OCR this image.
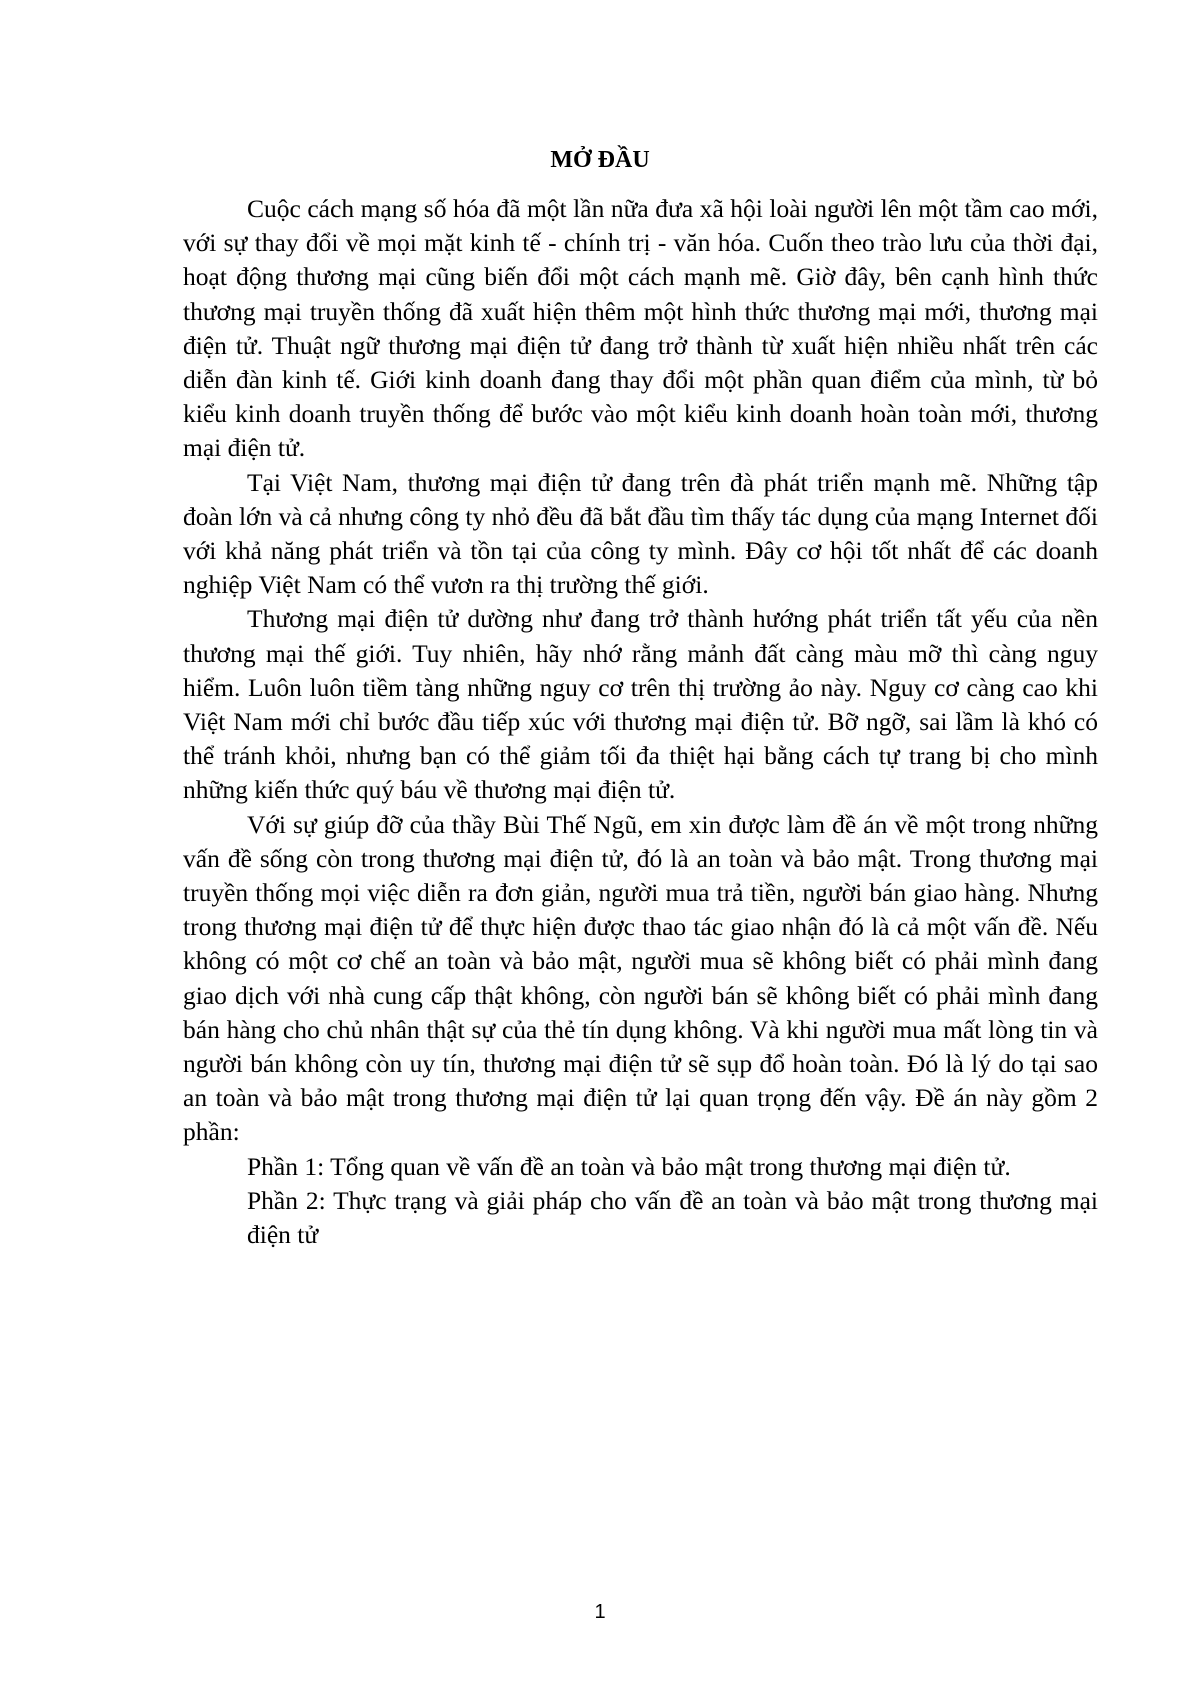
MỞ ĐẦU

Cuộc cách mạng số hóa đã một lần nữa đưa xã hội loài người lên một tầm cao mới, với sự thay đổi về mọi mặt kinh tế - chính trị - văn hóa. Cuốn theo trào lưu của thời đại, hoạt động thương mại cũng biến đổi một cách mạnh mẽ. Giờ đây, bên cạnh hình thức thương mại truyền thống đã xuất hiện thêm một hình thức thương mại mới, thương mại điện tử. Thuật ngữ thương mại điện tử đang trở thành từ xuất hiện nhiều nhất trên các diễn đàn kinh tế. Giới kinh doanh đang thay đổi một phần quan điểm của mình, từ bỏ kiểu kinh doanh truyền thống để bước vào một kiểu kinh doanh hoàn toàn mới, thương mại điện tử.

Tại Việt Nam, thương mại điện tử đang trên đà phát triển mạnh mẽ. Những tập đoàn lớn và cả nhưng công ty nhỏ đều đã bắt đầu tìm thấy tác dụng của mạng Internet đối với khả năng phát triển và tồn tại của công ty mình. Đây cơ hội tốt nhất để các doanh nghiệp Việt Nam có thể vươn ra thị trường thế giới.

Thương mại điện tử dường như đang trở thành hướng phát triển tất yếu của nền thương mại thế giới. Tuy nhiên, hãy nhớ rằng mảnh đất càng màu mỡ thì càng nguy hiểm. Luôn luôn tiềm tàng những nguy cơ trên thị trường ảo này. Nguy cơ càng cao khi Việt Nam mới chỉ bước đầu tiếp xúc với thương mại điện tử. Bỡ ngỡ, sai lầm là khó có thể tránh khỏi, nhưng bạn có thể giảm tối đa thiệt hại bằng cách tự trang bị cho mình những kiến thức quý báu về thương mại điện tử.

Với sự giúp đỡ của thầy Bùi Thế Ngũ, em xin được làm đề án về một trong những vấn đề sống còn trong thương mại điện tử, đó là an toàn và bảo mật. Trong thương mại truyền thống mọi việc diễn ra đơn giản, người mua trả tiền, người bán giao hàng. Nhưng trong thương mại điện tử để thực hiện được thao tác giao nhận đó là cả một vấn đề. Nếu không có một cơ chế an toàn và bảo mật, người mua sẽ không biết có phải mình đang giao dịch với nhà cung cấp thật không, còn người bán sẽ không biết có phải mình đang bán hàng cho chủ nhân thật sự của thẻ tín dụng không. Và khi người mua mất lòng tin và người bán không còn uy tín, thương mại điện tử sẽ sụp đổ hoàn toàn. Đó là lý do tại sao an toàn và bảo mật trong thương mại điện tử lại quan trọng đến vậy. Đề án này gồm 2 phần:

Phần 1: Tổng quan về vấn đề an toàn và bảo mật trong thương mại điện tử.

Phần 2: Thực trạng và giải pháp cho vấn đề an toàn và bảo mật trong thương mại điện tử

1
